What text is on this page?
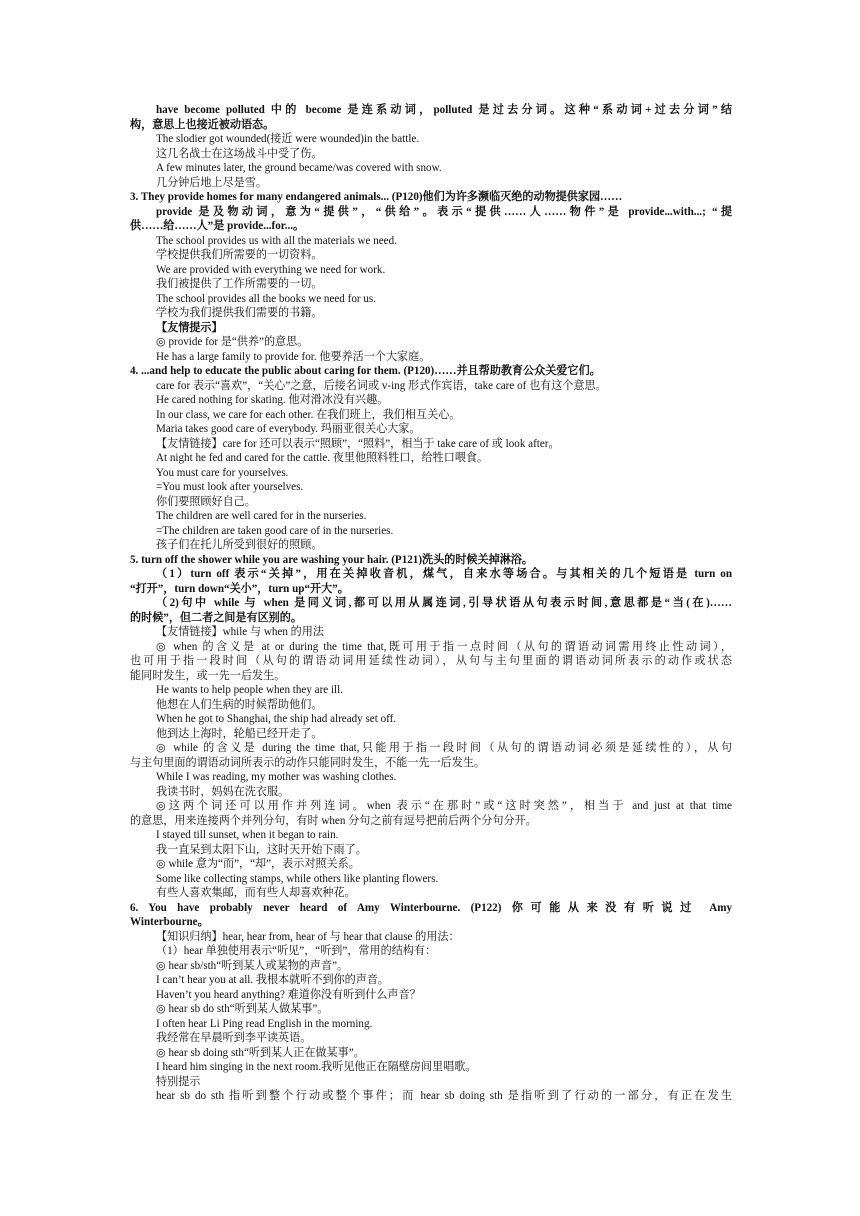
have become polluted 中的 become 是连系动词，polluted 是过去分词。这种“系动词+过去分词”结
构，意思上也接近被动语态。
The slodier got wounded(接近 were wounded)in the battle.
这几名战士在这场战斗中受了伤。
A few minutes later, the ground became/was covered with snow.
几分钟后地上尽是雪。
3. They provide homes for many endangered animals... (P120)他们为许多濒临灭绝的动物提供家园……
provide 是及物动词，意为“提供”，“供给”。表示“提供……人……物件”是 provide...with...; “提
供……给……人”是 provide...for...。
The school provides us with all the materials we need.
学校提供我们所需要的一切资料。
We are provided with everything we need for work.
我们被提供了工作所需要的一切。
The school provides all the books we need for us.
学校为我们提供我们需要的书籍。
【友情提示】
◎ provide for 是“供养”的意思。
He has a large family to provide for. 他要养活一个大家庭。
4. ...and help to educate the public about caring for them. (P120)……并且帮助教育公众关爱它们。
care for 表示“喜欢”，“关心”之意，后接名词或 v-ing 形式作宾语，take care of 也有这个意思。
He cared nothing for skating. 他对滑冰没有兴趣。
In our class, we care for each other. 在我们班上，我们相互关心。
Maria takes good care of everybody. 玛丽亚很关心大家。
【友情链接】care for 还可以表示“照顾”，“照料”，相当于 take care of 或 look after。
At night he fed and cared for the cattle. 夜里他照料牲口，给牲口喂食。
You must care for yourselves.
=You must look after yourselves.
你们要照顾好自己。
The children are well cared for in the nurseries.
=The children are taken good care of in the nurseries.
孩子们在托儿所受到很好的照顾。
5. turn off the shower while you are washing your hair. (P121)洗头的时候关掉淋浴。
（1）turn off 表示“关掉”，用在关掉收音机，煤气，自来水等场合。与其相关的几个短语是 turn on
“打开”，turn down“关小”，turn up“开大”。
（2)句中 while 与 when 是同义词,都可以用从属连词,引导状语从句表示时间,意思都是“当(在)……
的时候”，但二者之间是有区别的。
【友情链接】while 与 when 的用法
◎ when 的含义是 at or during the time that,既可用于指一点时间（从句的谓语动词需用终止性动词），
也可用于指一段时间（从句的谓语动词用延续性动词），从句与主句里面的谓语动词所表示的动作或状态
能同时发生，或一先一后发生。
He wants to help people when they are ill.
他想在人们生病的时候帮助他们。
When he got to Shanghai, the ship had already set off.
他到达上海时，轮船已经开走了。
◎ while 的含义是 during the time that,只能用于指一段时间（从句的谓语动词必须是延续性的），从句
与主句里面的谓语动词所表示的动作只能同时发生，不能一先一后发生。
While I was reading, my mother was washing clothes.
我读书时，妈妈在洗衣服。
◎这两个词还可以用作并列连词。when 表示“在那时”或“这时突然”，相当于 and just at that time
的意思，用来连接两个并列分句，有时 when 分句之前有逗号把前后两个分句分开。
I stayed till sunset, when it began to rain.
我一直呆到太阳下山，这时天开始下雨了。
◎ while 意为“而”，“却”，表示对照关系。
Some like collecting stamps, while others like planting flowers.
有些人喜欢集邮，而有些人却喜欢种花。
6. You have probably never heard of Amy Winterbourne. (P122) 你可能从来没有听说过 Amy
Winterbourne。
【知识归纳】hear, hear from, hear of 与 hear that clause 的用法：
（1）hear 单独使用表示“听见”，“听到”，常用的结构有：
◎ hear sb/sth“听到某人或某物的声音”。
I can’t hear you at all. 我根本就听不到你的声音。
Haven’t you heard anything? 难道你没有听到什么声音？
◎ hear sb do sth“听到某人做某事”。
I often hear Li Ping read English in the morning.
我经常在早晨听到李平读英语。
◎ hear sb doing sth“听到某人正在做某事”。
I heard him singing in the next room.我听见他正在隔壁房间里唱歌。
特别提示
hear sb do sth 指听到整个行动或整个事件；而 hear sb doing sth 是指听到了行动的一部分，有正在发生
